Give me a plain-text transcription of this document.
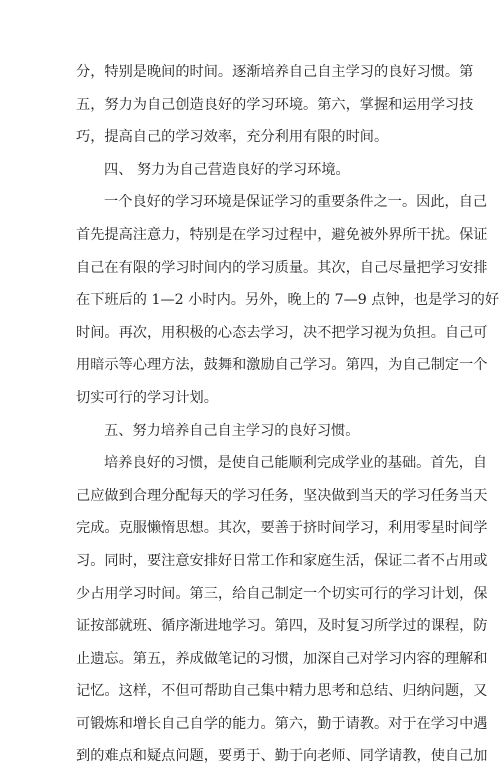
分，特别是晚间的时间。逐渐培养自己自主学习的良好习惯。第
五，努力为自己创造良好的学习环境。第六，掌握和运用学习技
巧，提高自己的学习效率，充分利用有限的时间。
四、 努力为自己营造良好的学习环境。
一个良好的学习环境是保证学习的重要条件之一。因此，自己
首先提高注意力，特别是在学习过程中，避免被外界所干扰。保证
自己在有限的学习时间内的学习质量。其次，自己尽量把学习安排
在下班后的 1—2 小时内。另外，晚上的 7—9 点钟，也是学习的好
时间。再次，用积极的心态去学习，决不把学习视为负担。自己可
用暗示等心理方法，鼓舞和激励自己学习。第四，为自己制定一个
切实可行的学习计划。
五、努力培养自己自主学习的良好习惯。
培养良好的习惯，是使自己能顺利完成学业的基础。首先，自
己应做到合理分配每天的学习任务，坚决做到当天的学习任务当天
完成。克服懒惰思想。其次，要善于挤时间学习，利用零星时间学
习。同时，要注意安排好日常工作和家庭生活，保证二者不占用或
少占用学习时间。第三，给自己制定一个切实可行的学习计划，保
证按部就班、循序渐进地学习。第四，及时复习所学过的课程，防
止遗忘。第五，养成做笔记的习惯，加深自己对学习内容的理解和
记忆。这样，不但可帮助自己集中精力思考和总结、归纳问题，又
可锻炼和增长自己自学的能力。第六，勤于请教。对于在学习中遇
到的难点和疑点问题，要勇于、勤于向老师、同学请教，使自己加
